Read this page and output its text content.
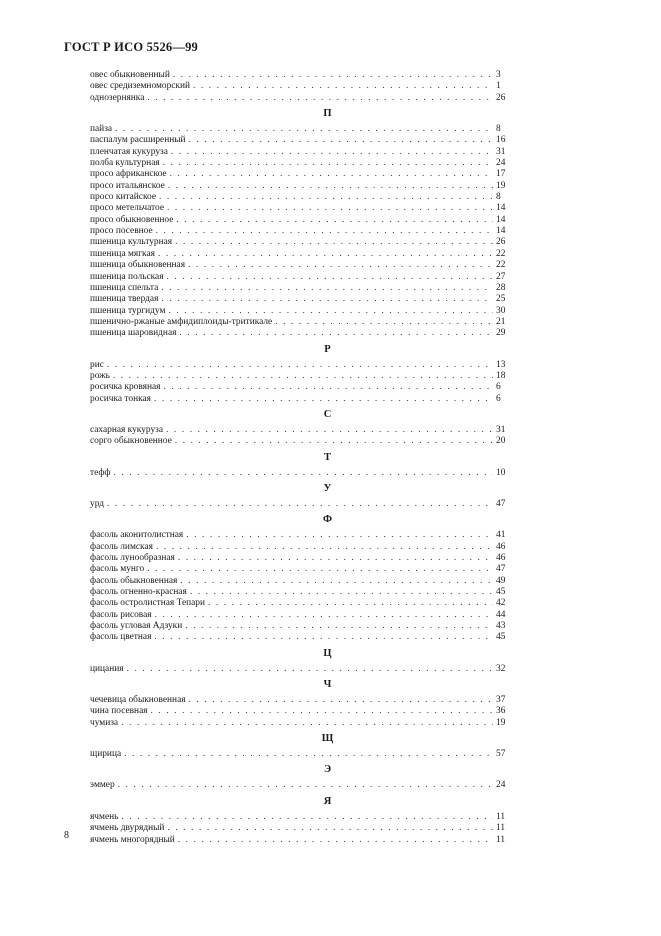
ГОСТ Р ИСО 5526—99
овес обыкновенный . . .	3
овес средиземноморский . . .	1
однозернянка . . .	26
П
пайза . . .	8
паспалум расширенный . . .	16
пленчатая кукуруза . . .	31
полба культурная . . .	24
просо африканское . . .	17
просо итальянское . . .	19
просо китайское . . .	8
просо метельчатое . . .	14
просо обыкновенное . . .	14
просо посевное . . .	14
пшеница культурная . . .	26
пшеница мягкая . . .	22
пшеница обыкновенная . . .	22
пшеница польская . . .	27
пшеница спельта . . .	28
пшеница твердая . . .	25
пшеница тургидум . . .	30
пшенично-ржаные амфидиплоиды-тритикале . . .	21
пшеница шаровидная . . .	29
Р
рис . . .	13
рожь . . .	18
росичка кровяная . . .	6
росичка тонкая . . .	6
С
сахарная кукуруза . . .	31
сорго обыкновенное . . .	20
Т
тефф . . .	10
У
урд . . .	47
Ф
фасоль аконитолистная . . .	41
фасоль лимская . . .	46
фасоль лунообразная . . .	46
фасоль мунго . . .	47
фасоль обыкновенная . . .	49
фасоль огненно-красная . . .	45
фасоль остролистная Тепари . . .	42
фасоль рисовая . . .	44
фасоль угловая Адзуки . . .	43
фасоль цветная . . .	45
Ц
цицания . . .	32
Ч
чечевица обыкновенная . . .	37
чина посевная . . .	36
чумиза . . .	19
Щ
щирица . . .	57
Э
эммер . . .	24
Я
ячмень . . .	11
ячмень двурядный . . .	11
ячмень многорядный . . .	11
8
